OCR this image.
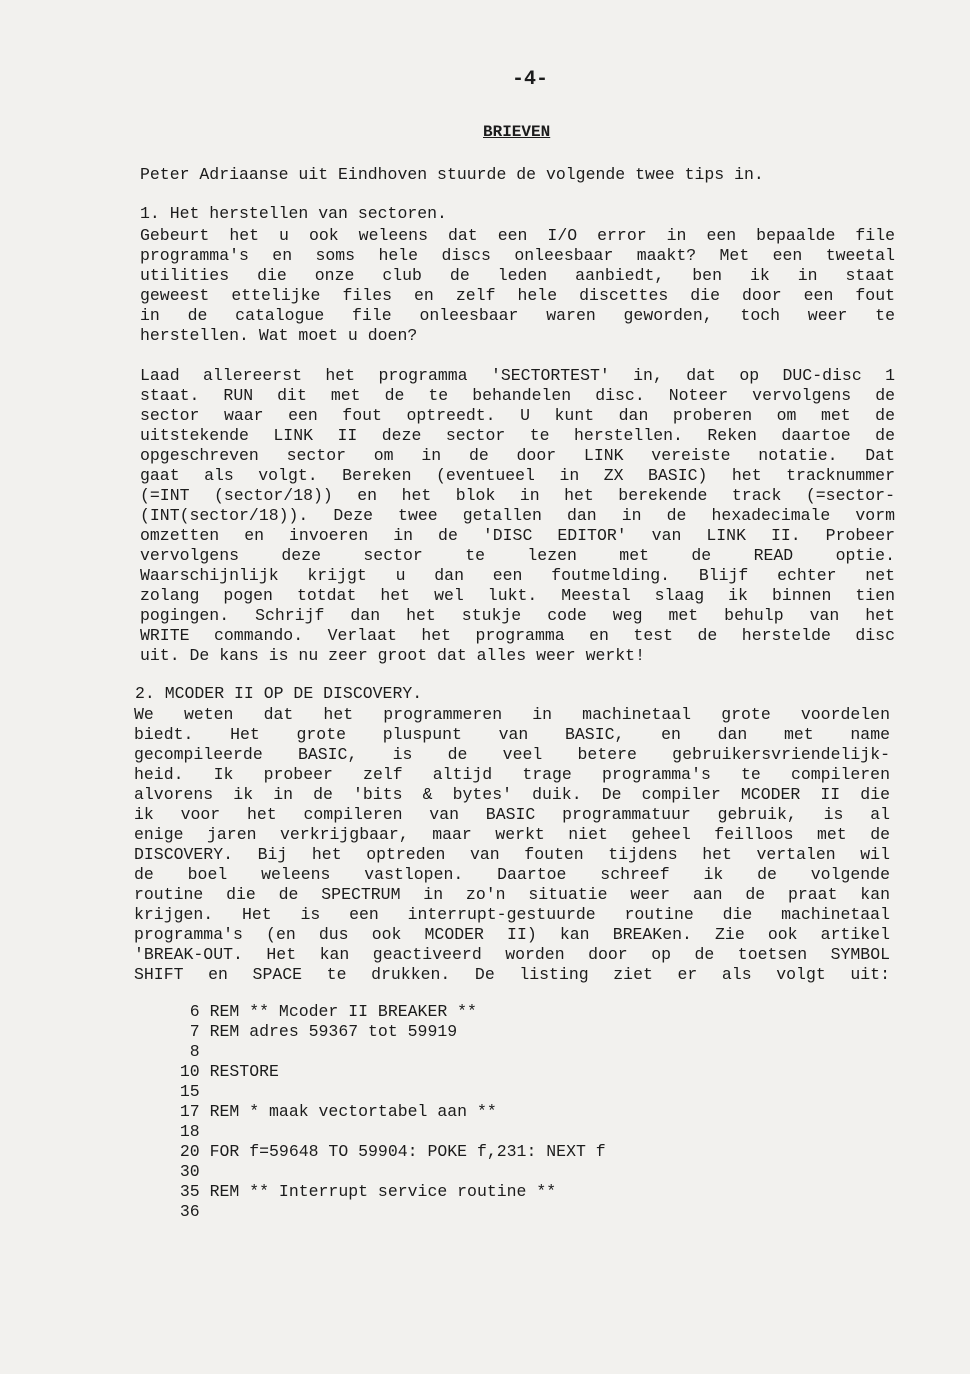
-4-
BRIEVEN
Peter Adriaanse uit Eindhoven stuurde de volgende twee tips in.
1. Het herstellen van sectoren.
Gebeurt het u ook weleens dat een I/O error in een bepaalde file
programma's en soms hele discs onleesbaar maakt? Met een tweetal
utilities die onze club de leden aanbiedt, ben ik in staat
geweest ettelijke files en zelf hele discettes die door een fout
in de catalogue file onleesbaar waren geworden, toch weer te
herstellen. Wat moet u doen?
Laad allereerst het programma 'SECTORTEST' in, dat op DUC-disc 1
staat. RUN dit met de te behandelen disc. Noteer vervolgens de
sector waar een fout optreedt. U kunt dan proberen om met de
uitstekende LINK II deze sector te herstellen. Reken daartoe de
opgeschreven sector om in de door LINK vereiste notatie. Dat
gaat als volgt. Bereken (eventueel in ZX BASIC) het tracknummer
(=INT (sector/18)) en het blok in het berekende track (=sector-
(INT(sector/18)). Deze twee getallen dan in de hexadecimale vorm
omzetten en invoeren in de 'DISC EDITOR' van LINK II. Probeer
vervolgens deze sector te lezen met de READ optie.
Waarschijnlijk krijgt u dan een foutmelding. Blijf echter net
zolang pogen totdat het wel lukt. Meestal slaag ik binnen tien
pogingen. Schrijf dan het stukje code weg met behulp van het
WRITE commando. Verlaat het programma en test de herstelde disc
uit. De kans is nu zeer groot dat alles weer werkt!
2. MCODER II OP DE DISCOVERY.
We weten dat het programmeren in machinetaal grote voordelen
biedt. Het grote pluspunt van BASIC, en dan met name
gecompileerde BASIC, is de veel betere gebruikersvriendelijk-
heid. Ik probeer zelf altijd trage programma's te compileren
alvorens ik in de 'bits & bytes' duik. De compiler MCODER II die
ik voor het compileren van BASIC programmatuur gebruik, is al
enige jaren verkrijgbaar, maar werkt niet geheel feilloos met de
DISCOVERY. Bij het optreden van fouten tijdens het vertalen wil
de boel weleens vastlopen. Daartoe schreef ik de volgende
routine die de SPECTRUM in zo'n situatie weer aan de praat kan
krijgen. Het is een interrupt-gestuurde routine die machinetaal
programma's (en dus ook MCODER II) kan BREAKen. Zie ook artikel
'BREAK-OUT. Het kan geactiveerd worden door op de toetsen SYMBOL
SHIFT en SPACE te drukken. De listing ziet er als volgt uit:
6 REM ** Mcoder II BREAKER **
7 REM adres 59367 tot 59919
8
10 RESTORE
15
17 REM * maak vectortabel aan **
18
20 FOR f=59648 TO 59904: POKE f,231: NEXT f
30
35 REM ** Interrupt service routine **
36
